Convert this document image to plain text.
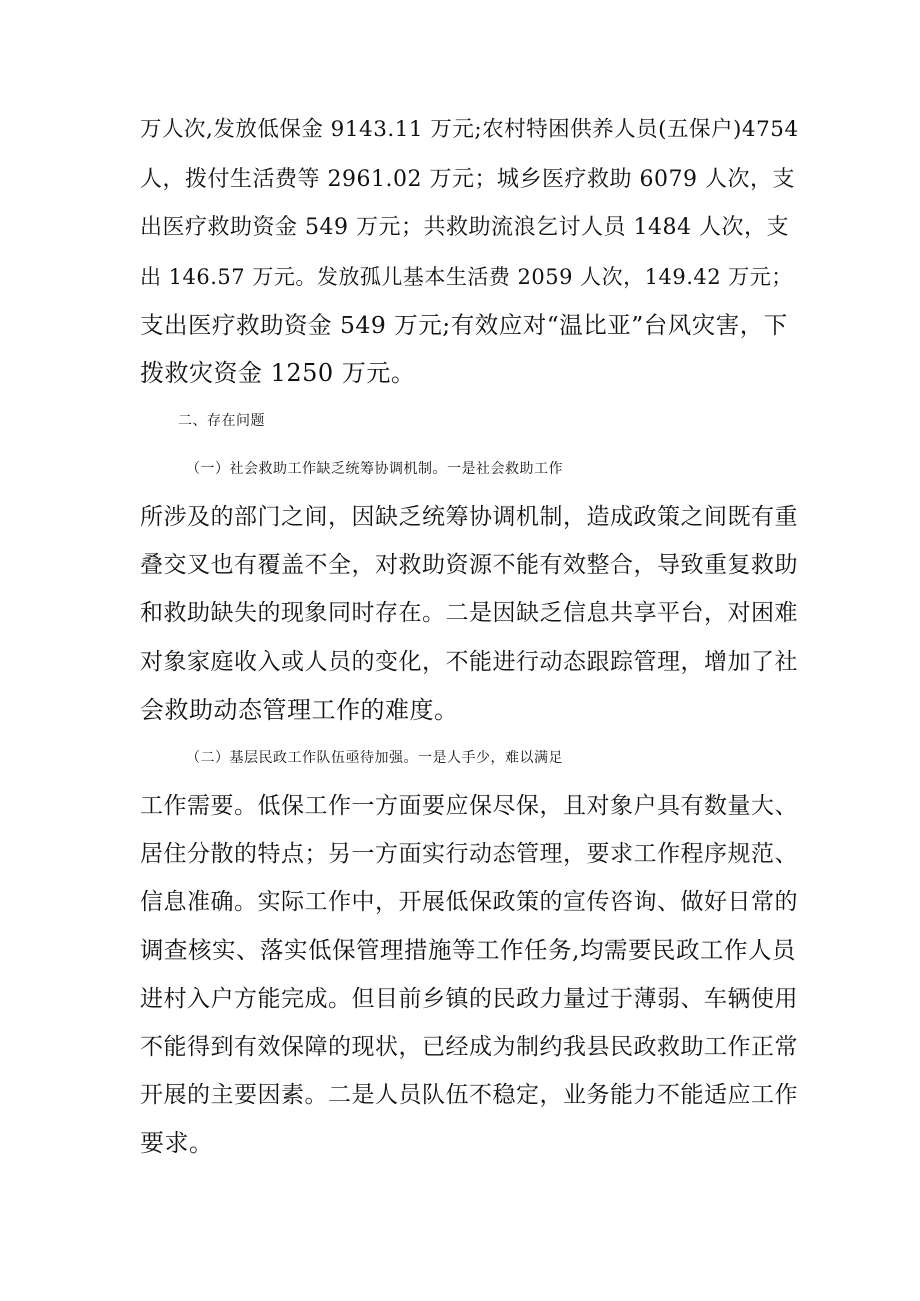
万人次,发放低保金 9143.11 万元;农村特困供养人员(五保户)4754
人，拨付生活费等 2961.02 万元；城乡医疗救助 6079 人次，支
出医疗救助资金 549 万元；共救助流浪乞讨人员 1484 人次，支
出 146.57 万元。发放孤儿基本生活费 2059 人次，149.42 万元；
支出医疗救助资金 549 万元;有效应对“温比亚”台风灾害，下
拨救灾资金 1250 万元。
二、存在问题
（一）社会救助工作缺乏统筹协调机制。一是社会救助工作
所涉及的部门之间，因缺乏统筹协调机制，造成政策之间既有重
叠交叉也有覆盖不全，对救助资源不能有效整合，导致重复救助
和救助缺失的现象同时存在。二是因缺乏信息共享平台，对困难
对象家庭收入或人员的变化，不能进行动态跟踪管理，增加了社
会救助动态管理工作的难度。
（二）基层民政工作队伍亟待加强。一是人手少，难以满足
工作需要。低保工作一方面要应保尽保，且对象户具有数量大、
居住分散的特点；另一方面实行动态管理，要求工作程序规范、
信息准确。实际工作中，开展低保政策的宣传咨询、做好日常的
调查核实、落实低保管理措施等工作任务,均需要民政工作人员
进村入户方能完成。但目前乡镇的民政力量过于薄弱、车辆使用
不能得到有效保障的现状，已经成为制约我县民政救助工作正常
开展的主要因素。二是人员队伍不稳定，业务能力不能适应工作
要求。
